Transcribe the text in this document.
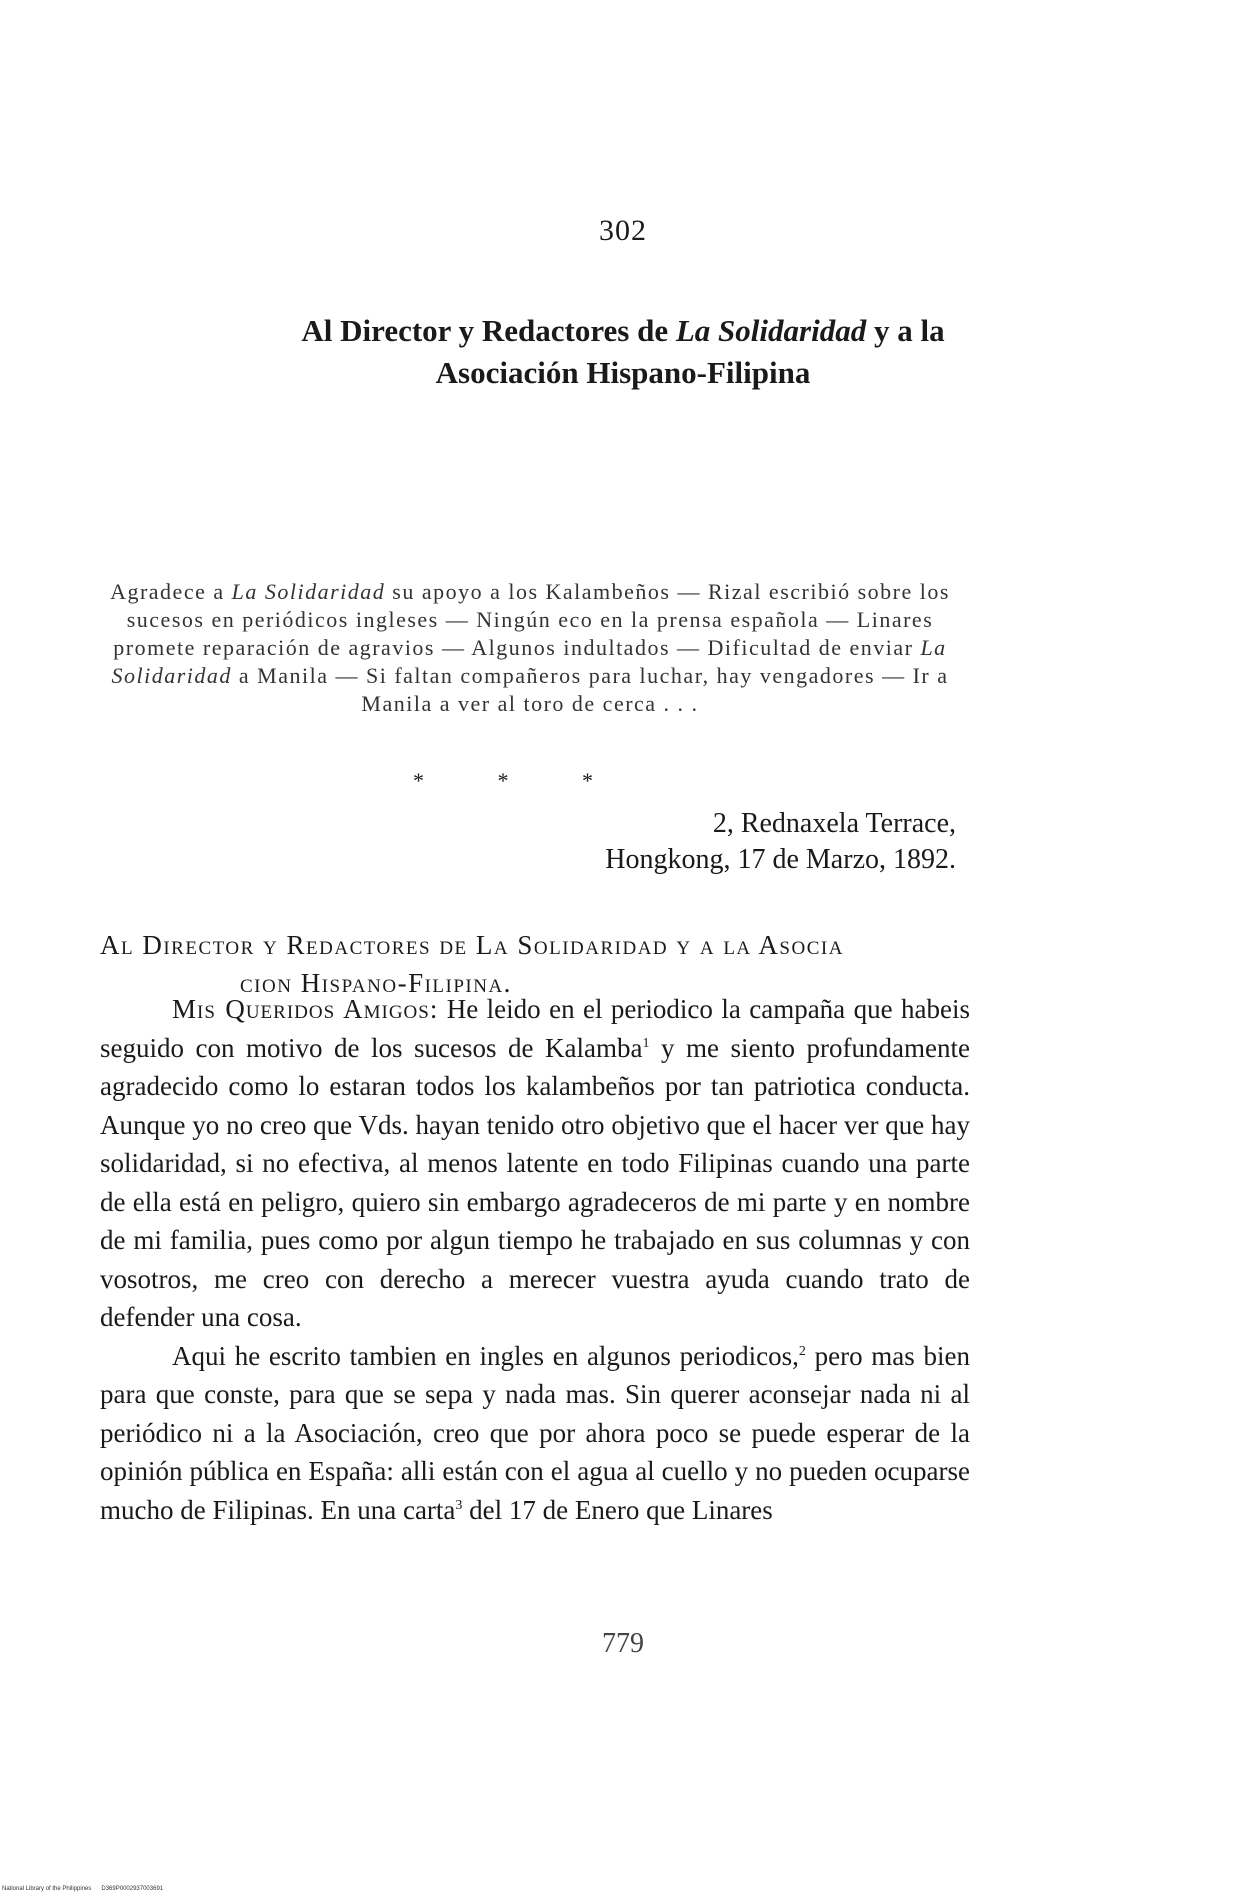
302
Al Director y Redactores de La Solidaridad y a la
Asociación Hispano-Filipina
Agradece a La Solidaridad su apoyo a los Kalambeños — Rizal escribió sobre los sucesos en periódicos ingleses — Ningún eco en la prensa española — Linares promete reparación de agravios — Algunos indultados — Dificultad de enviar La Solidaridad a Manila — Si faltan compañeros para luchar, hay vengadores — Ir a Manila a ver al toro de cerca . . .
* * *
2, Rednaxela Terrace,
Hongkong, 17 de Marzo, 1892.
Al Director y Redactores de La Solidaridad y a la Asocia
cion Hispano-Filipina.

Mis Queridos Amigos: He leido en el periodico la campaña que habeis seguido con motivo de los sucesos de Kalamba$^1$ y me siento profundamente agradecido como lo estaran todos los kalambeños por tan patriotica conducta. Aunque yo no creo que Vds. hayan tenido otro objetivo que el hacer ver que hay solidaridad, si no efectiva, al menos latente en todo Filipinas cuando una parte de ella está en peligro, quiero sin embargo agradeceros de mi parte y en nombre de mi familia, pues como por algun tiempo he trabajado en sus columnas y con vosotros, me creo con derecho a merecer vuestra ayuda cuando trato de defender una cosa.

Aqui he escrito tambien en ingles en algunos periodicos,$^2$ pero mas bien para que conste, para que se sepa y nada mas. Sin querer aconsejar nada ni al periódico ni a la Asociación, creo que por ahora poco se puede esperar de la opinión pública en España: alli están con el agua al cuello y no pueden ocuparse mucho de Filipinas. En una carta$^3$ del 17 de Enero que Linares

779
National Library of the Philippines D369P0002937003691
